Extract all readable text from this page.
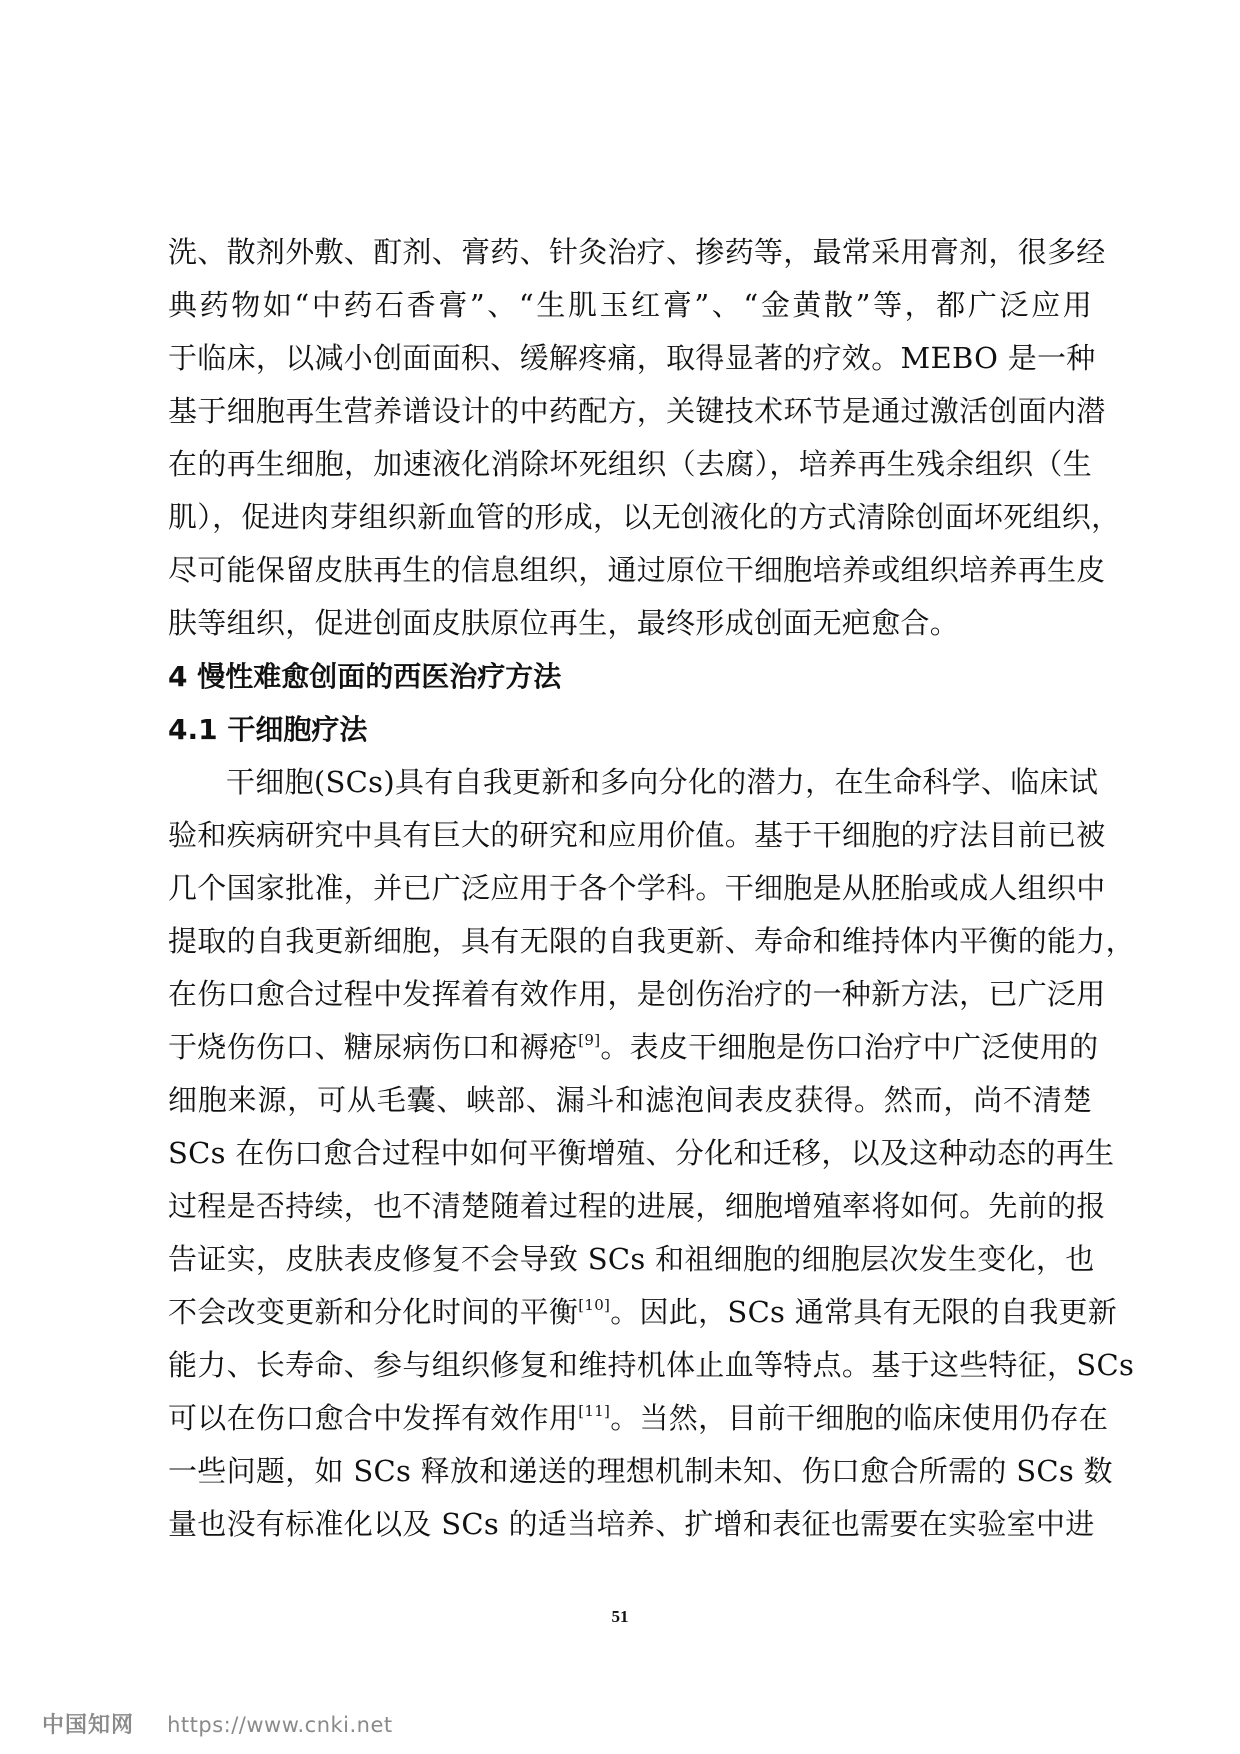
洗、散剂外敷、酊剂、膏药、针灸治疗、掺药等，最常采用膏剂，很多经
典药物如“中药石香膏”、“生肌玉红膏”、“金黄散”等，都广泛应用
于临床，以减小创面面积、缓解疼痛，取得显著的疗效。MEBO 是一种
基于细胞再生营养谱设计的中药配方，关键技术环节是通过激活创面内潜
在的再生细胞，加速液化消除坏死组织（去腐），培养再生残余组织（生
肌），促进肉芽组织新血管的形成，以无创液化的方式清除创面坏死组织，
尽可能保留皮肤再生的信息组织，通过原位干细胞培养或组织培养再生皮
肤等组织，促进创面皮肤原位再生，最终形成创面无疤愈合。
4 慢性难愈创面的西医治疗方法
4.1 干细胞疗法
干细胞(SCs)具有自我更新和多向分化的潜力，在生命科学、临床试
验和疾病研究中具有巨大的研究和应用价值。基于干细胞的疗法目前已被
几个国家批准，并已广泛应用于各个学科。干细胞是从胚胎或成人组织中
提取的自我更新细胞，具有无限的自我更新、寿命和维持体内平衡的能力，
在伤口愈合过程中发挥着有效作用，是创伤治疗的一种新方法，已广泛用
于烧伤伤口、糖尿病伤口和褥疮[9]。表皮干细胞是伤口治疗中广泛使用的
细胞来源，可从毛囊、峡部、漏斗和滤泡间表皮获得。然而，尚不清楚
SCs 在伤口愈合过程中如何平衡增殖、分化和迁移，以及这种动态的再生
过程是否持续，也不清楚随着过程的进展，细胞增殖率将如何。先前的报
告证实，皮肤表皮修复不会导致 SCs 和祖细胞的细胞层次发生变化，也
不会改变更新和分化时间的平衡[10]。因此，SCs 通常具有无限的自我更新
能力、长寿命、参与组织修复和维持机体止血等特点。基于这些特征，SCs
可以在伤口愈合中发挥有效作用[11]。当然，目前干细胞的临床使用仍存在
一些问题，如 SCs 释放和递送的理想机制未知、伤口愈合所需的 SCs 数
量也没有标准化以及 SCs 的适当培养、扩增和表征也需要在实验室中进
51
中国知网 https://www.cnki.net
